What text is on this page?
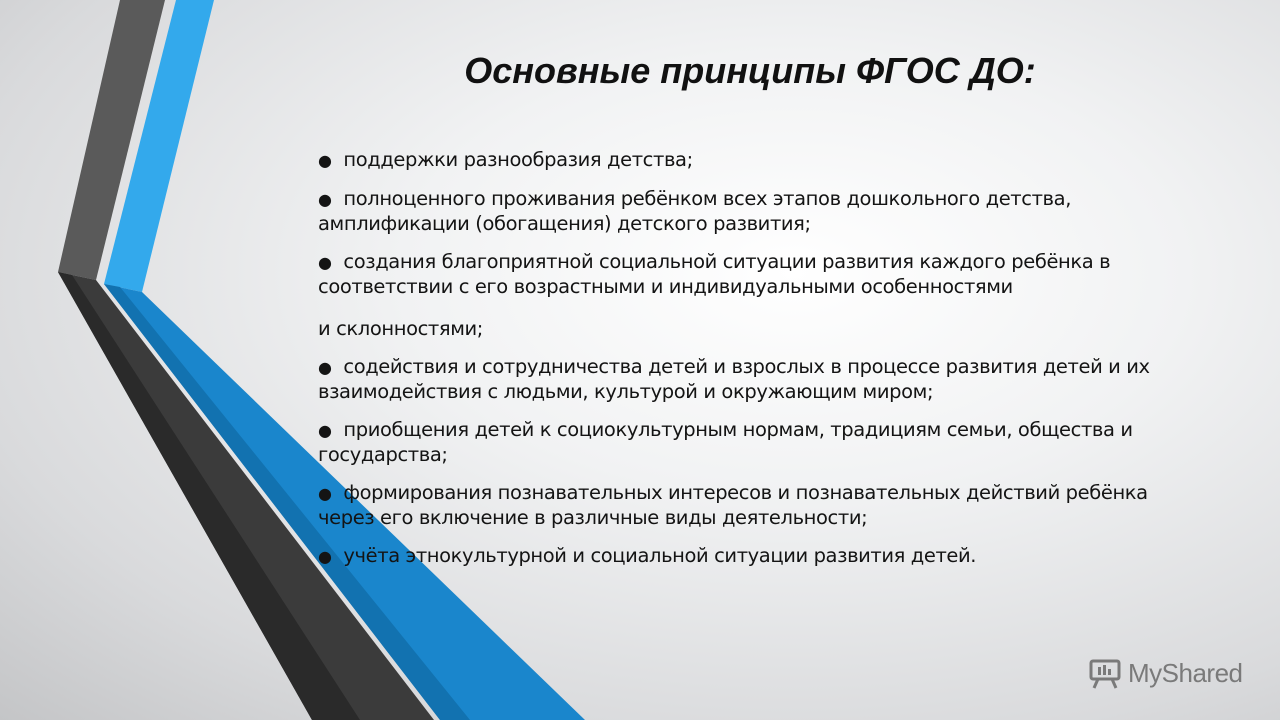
Основные принципы ФГОС ДО:

● поддержки разнообразия детства;

● полноценного проживания ребёнком всех этапов дошкольного детства, амплификации (обогащения) детского развития;

● создания благоприятной социальной ситуации развития каждого ребёнка в соответствии с его возрастными и индивидуальными особенностями

и склонностями;

● содействия и сотрудничества детей и взрослых в процессе развития детей и их взаимодействия с людьми, культурой и окружающим миром;

● приобщения детей к социокультурным нормам, традициям семьи, общества и государства;

● формирования познавательных интересов и познавательных действий ребёнка через его включение в различные виды деятельности;

● учёта этнокультурной и социальной ситуации развития детей.

MyShared
